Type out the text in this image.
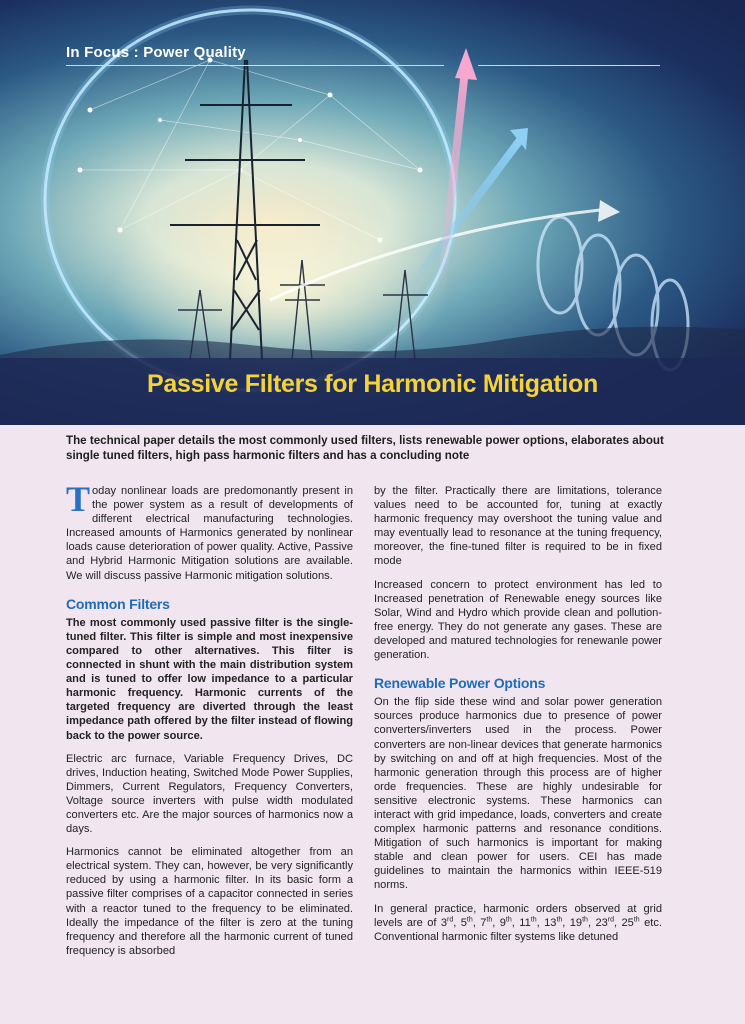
In Focus : Power Quality
Passive Filters for Harmonic Mitigation
The technical paper details the most commonly used filters, lists renewable power options, elaborates about single tuned filters, high pass harmonic filters and has a concluding note

Today nonlinear loads are predomonantly present in the power system as a result of developments of different electrical manufacturing technologies. Increased amounts of Harmonics generated by nonlinear loads cause deterioration of power quality. Active, Passive and Hybrid Harmonic Mitigation solutions are available. We will discuss passive Harmonic mitigation solutions.

Common Filters

The most commonly used passive filter is the single-tuned filter. This filter is simple and most inexpensive compared to other alternatives. This filter is connected in shunt with the main distribution system and is tuned to offer low impedance to a particular harmonic frequency. Harmonic currents of the targeted frequency are diverted through the least impedance path offered by the filter instead of flowing back to the power source.

Electric arc furnace, Variable Frequency Drives, DC drives, Induction heating, Switched Mode Power Supplies, Dimmers, Current Regulators, Frequency Converters, Voltage source inverters with pulse width modulated converters etc. Are the major sources of harmonics now a days.

Harmonics cannot be eliminated altogether from an electrical system. They can, however, be very significantly reduced by using a harmonic filter. In its basic form a passive filter comprises of a capacitor connected in series with a reactor tuned to the frequency to be eliminated. Ideally the impedance of the filter is zero at the tuning frequency and therefore all the harmonic current of tuned frequency is absorbed

by the filter. Practically there are limitations, tolerance values need to be accounted for, tuning at exactly harmonic frequency may overshoot the tuning value and may eventually lead to resonance at the tuning frequency, moreover, the fine-tuned filter is required to be in fixed mode

Increased concern to protect environment has led to Increased penetration of Renewable enegy sources like Solar, Wind and Hydro which provide clean and pollution-free energy. They do not generate any gases. These are developed and matured technologies for renewanle power generation.

Renewable Power Options

On the flip side these wind and solar power generation sources produce harmonics due to presence of power converters/inverters used in the process. Power converters are non-linear devices that generate harmonics by switching on and off at high frequencies. Most of the harmonic generation through this process are of higher orde frequencies. These are highly undesirable for sensitive electronic systems. These harmonics can interact with grid impedance, loads, converters and create complex harmonic patterns and resonance conditions. Mitigation of such harmonics is important for making stable and clean power for users. CEI has made guidelines to maintain the harmonics within IEEE-519 norms.

In general practice, harmonic orders observed at grid levels are of 3rd, 5th, 7th, 9th, 11th, 13th, 19th, 23rd, 25th etc. Conventional harmonic filter systems like detuned
